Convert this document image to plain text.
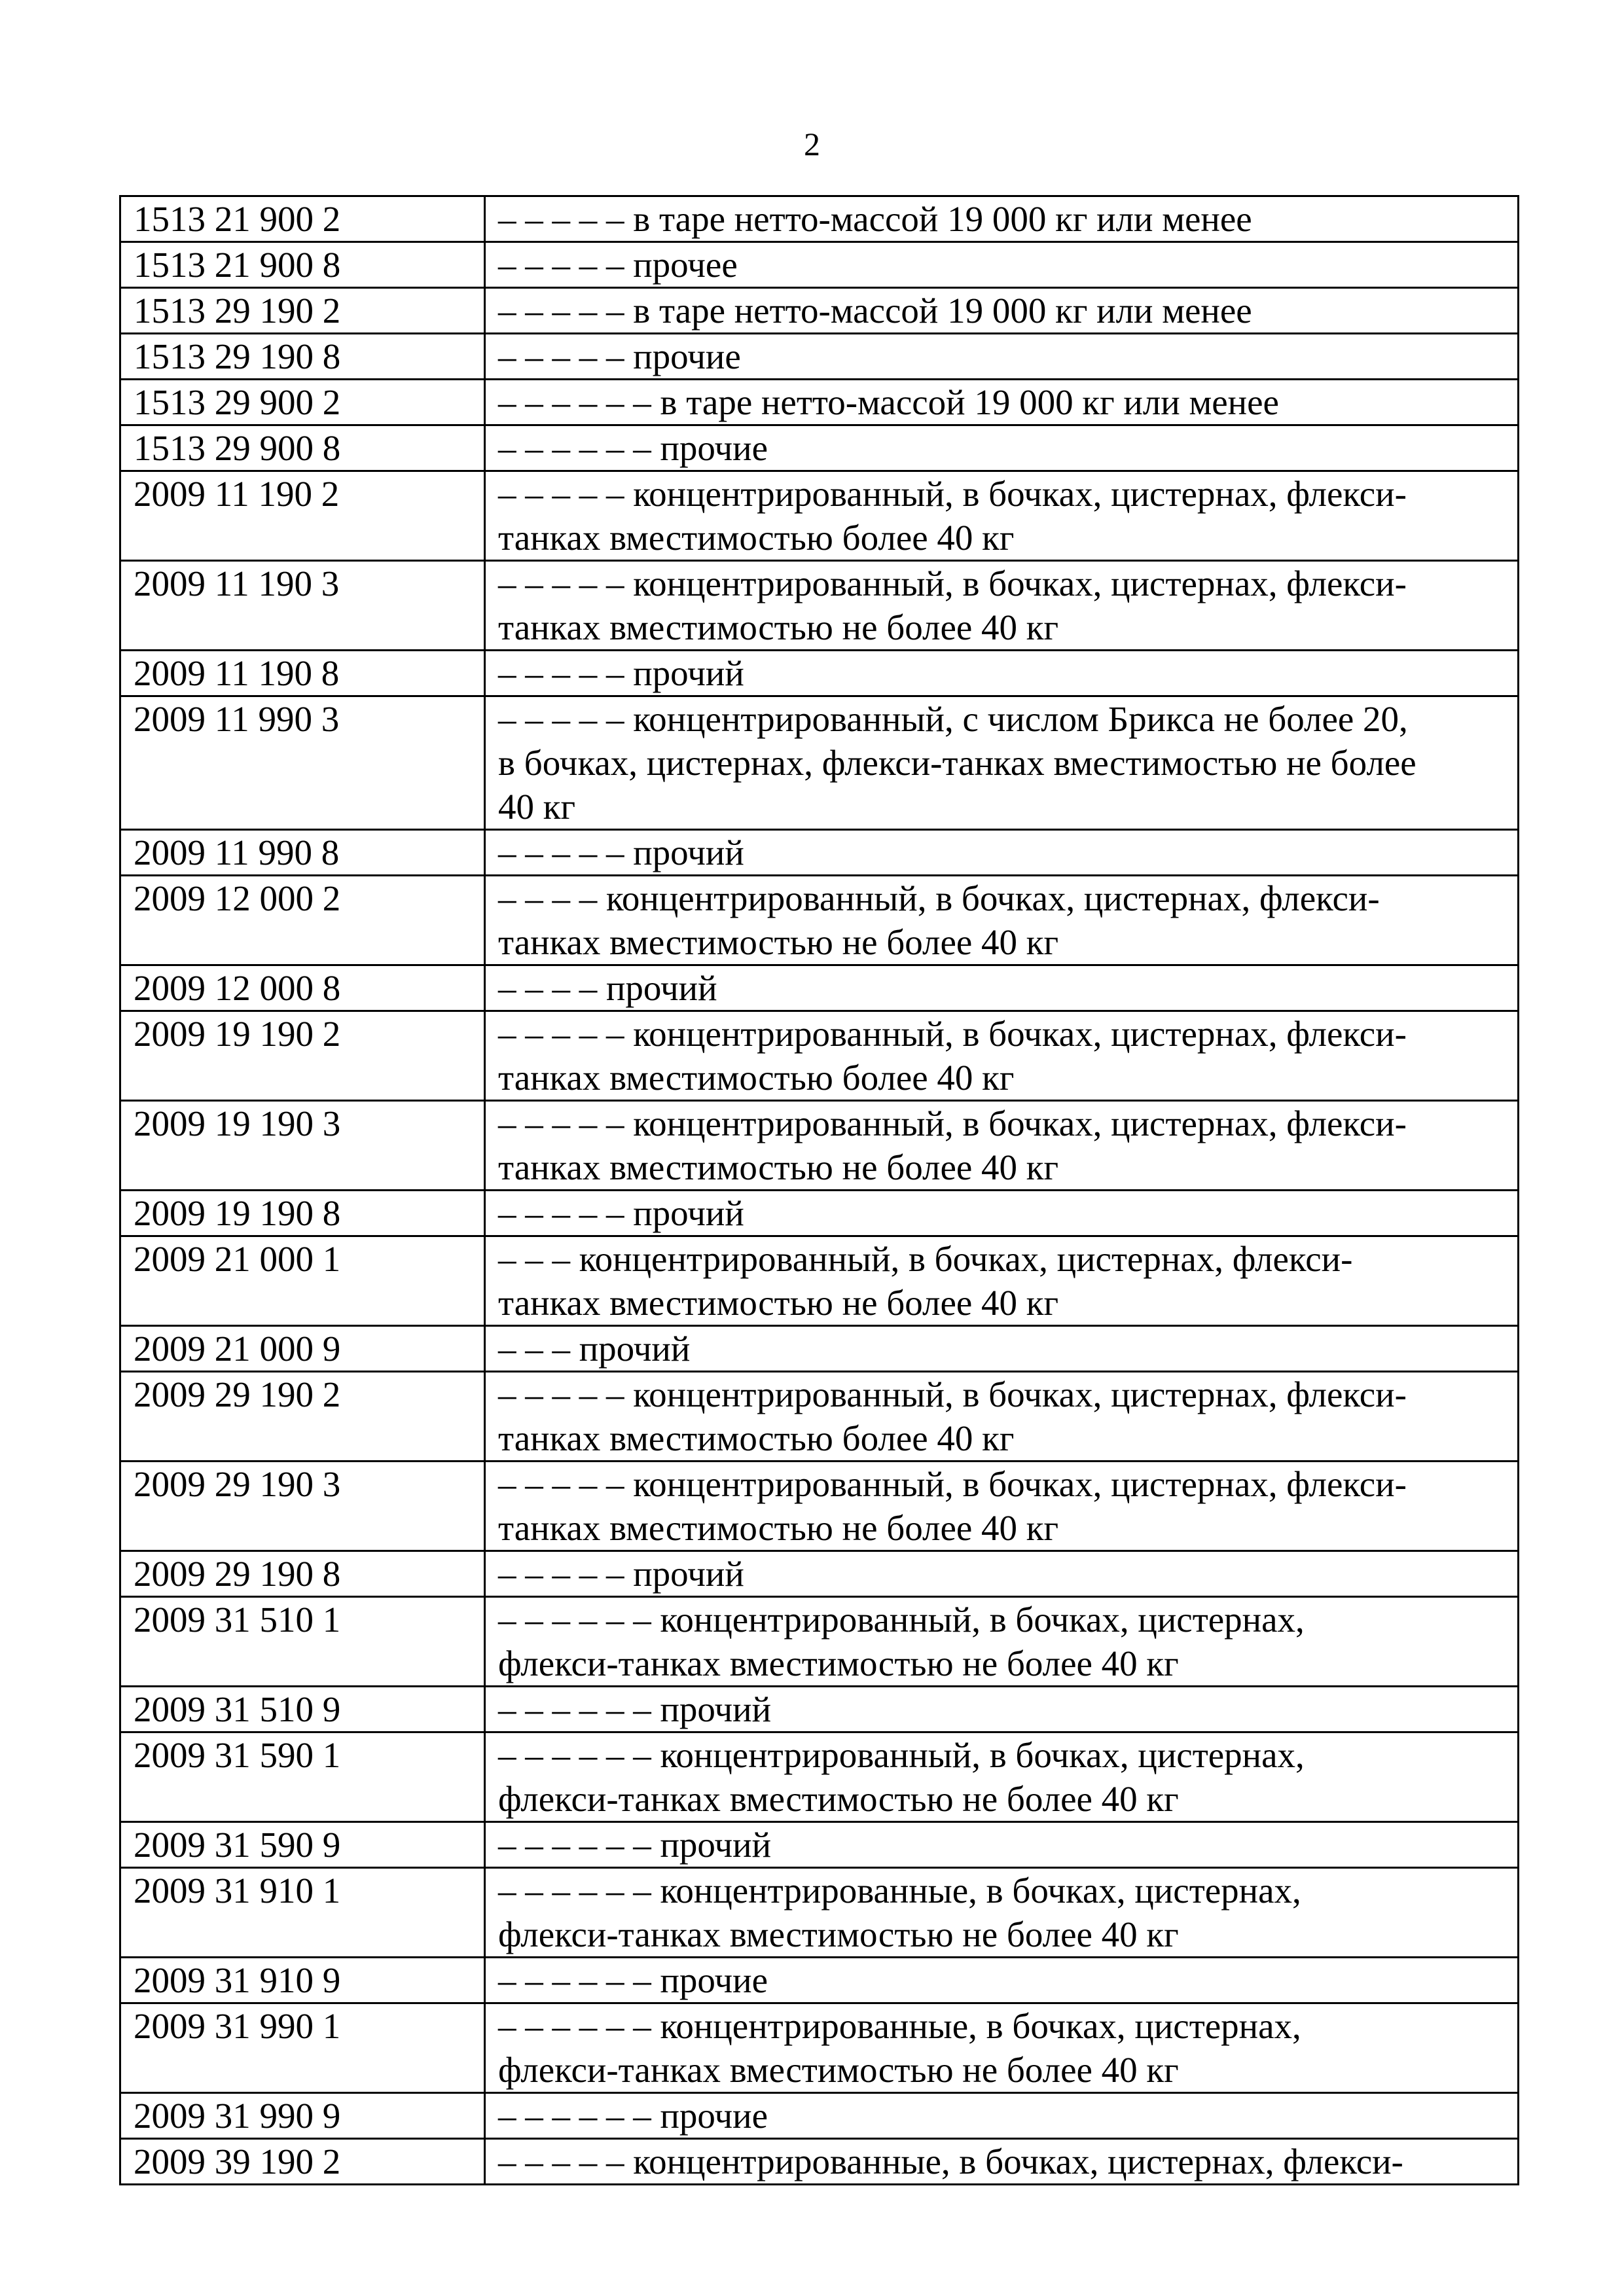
2
1513 21 900 2	– – – – – в таре нетто-массой 19 000 кг или менее
1513 21 900 8	– – – – – прочее
1513 29 190 2	– – – – – в таре нетто-массой 19 000 кг или менее
1513 29 190 8	– – – – – прочие
1513 29 900 2	– – – – – – в таре нетто-массой 19 000 кг или менее
1513 29 900 8	– – – – – – прочие
2009 11 190 2	– – – – – концентрированный, в бочках, цистернах, флекси-
танках вместимостью более 40 кг
2009 11 190 3	– – – – – концентрированный, в бочках, цистернах, флекси-
танках вместимостью не более 40 кг
2009 11 190 8	– – – – – прочий
2009 11 990 3	– – – – – концентрированный, с числом Брикса не более 20,
в бочках, цистернах, флекси-танках вместимостью не более
40 кг
2009 11 990 8	– – – – – прочий
2009 12 000 2	– – – – концентрированный, в бочках, цистернах, флекси-
танках вместимостью не более 40 кг
2009 12 000 8	– – – – прочий
2009 19 190 2	– – – – – концентрированный, в бочках, цистернах, флекси-
танках вместимостью более 40 кг
2009 19 190 3	– – – – – концентрированный, в бочках, цистернах, флекси-
танках вместимостью не более 40 кг
2009 19 190 8	– – – – – прочий
2009 21 000 1	– – – концентрированный, в бочках, цистернах, флекси-
танках вместимостью не более 40 кг
2009 21 000 9	– – – прочий
2009 29 190 2	– – – – – концентрированный, в бочках, цистернах, флекси-
танках вместимостью более 40 кг
2009 29 190 3	– – – – – концентрированный, в бочках, цистернах, флекси-
танках вместимостью не более 40 кг
2009 29 190 8	– – – – – прочий
2009 31 510 1	– – – – – – концентрированный, в бочках, цистернах,
флекси-танках вместимостью не более 40 кг
2009 31 510 9	– – – – – – прочий
2009 31 590 1	– – – – – – концентрированный, в бочках, цистернах,
флекси-танках вместимостью не более 40 кг
2009 31 590 9	– – – – – – прочий
2009 31 910 1	– – – – – – концентрированные, в бочках, цистернах,
флекси-танках вместимостью не более 40 кг
2009 31 910 9	– – – – – – прочие
2009 31 990 1	– – – – – – концентрированные, в бочках, цистернах,
флекси-танках вместимостью не более 40 кг
2009 31 990 9	– – – – – – прочие
2009 39 190 2	– – – – – концентрированные, в бочках, цистернах, флекси-
